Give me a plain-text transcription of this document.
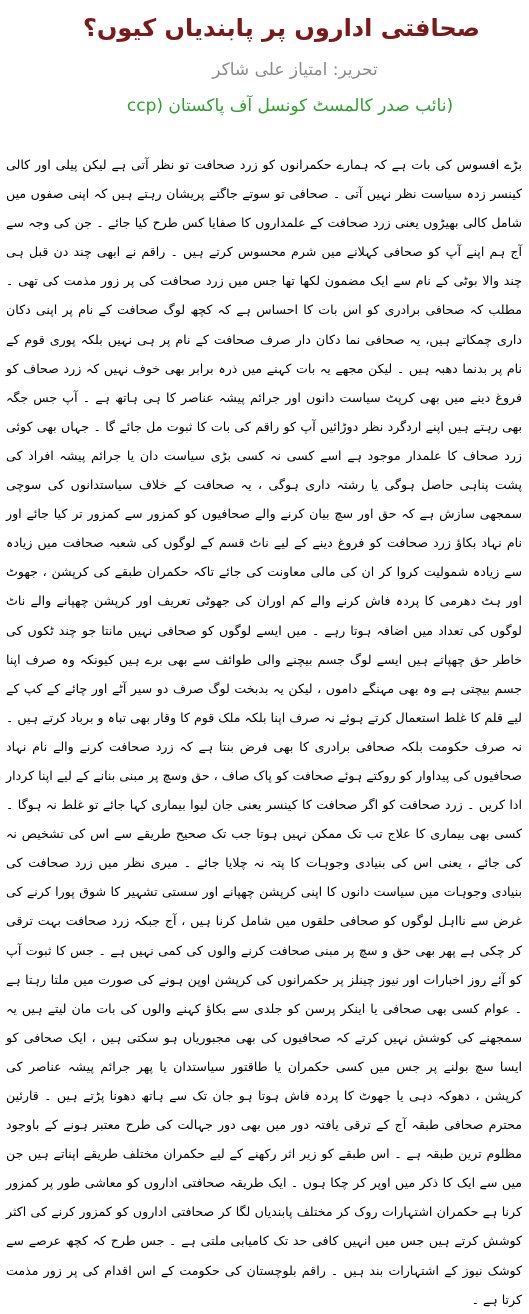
صحافتی اداروں پر پابندیاں کیوں؟
تحریر: امتیاز علی شاکر
(نائب صدر کالمسٹ کونسل آف پاکستان (ccp

بڑے افسوس کی بات ہے کہ ہمارے حکمرانوں کو زرد صحافت تو نظر آتی ہے لیکن پیلی اور کالی کینسر زدہ سیاست نظر نہیں آتی ۔ صحافی تو سوتے جاگتے پریشان رہتے ہیں کہ اپنی صفوں میں شامل کالی بھیڑوں یعنی زرد صحافت کے علمداروں کا صفایا کس طرح کیا جائے ۔ جن کی وجہ سے آج ہم اپنے آپ کو صحافی کہلانے میں شرم محسوس کرتے ہیں ۔ راقم نے ابھی چند دن قبل ہی چند والا بوٹی کے نام سے ایک مضمون لکھا تھا جس میں زرد صحافت کی پر زور مذمت کی تھی ۔ مطلب کہ صحافی برادری کو اس بات کا احساس ہے کہ کچھ لوگ صحافت کے نام پر اپنی دکان داری چمکاتے ہیں، یہ صحافی نما دکان دار صرف صحافت کے نام پر ہی نہیں بلکہ پوری قوم کے نام پر بدنما دھبہ ہیں ۔ لیکن مجھے یہ بات کہنے میں ذرہ برابر بھی خوف نہیں کہ زرد صحاف کو فروغ دینے میں بھی کرپٹ سیاست دانوں اور جرائم پیشہ عناصر کا ہی ہاتھ ہے ۔ آپ جس جگہ بھی رہتے ہیں اپنے اردگرد نظر دوڑائیں آپ کو راقم کی بات کا ثبوت مل جائے گا ۔ جہاں بھی کوئی زرد صحاف کا علمدار موجود ہے اسے کسی نہ کسی بڑی سیاست دان یا جرائم پیشہ افراد کی پشت پناہی حاصل ہوگی یا رشتہ داری ہوگی ، یہ صحافت کے خلاف سیاستدانوں کی سوچی سمجھی سازش ہے کہ حق اور سچ بیان کرنے والے صحافیوں کو کمزور سے کمزور تر کیا جائے اور نام نہاد بکاؤ زرد صحافت کو فروغ دینے کے لیے ناٹ قسم کے لوگوں کی شعبہ صحافت میں زیادہ سے زیادہ شمولیت کروا کر ان کی مالی معاونت کی جائے تاکہ حکمران طبقے کی کرپشن ، جھوٹ اور ہٹ دھرمی کا پردہ فاش کرنے والے کم اوران کی جھوٹی تعریف اور کرپشن چھپانے والے ناٹ لوگوں کی تعداد میں اضافہ ہوتا رہے ۔ میں ایسے لوگوں کو صحافی نہیں مانتا جو چند ٹکوں کی خاطر حق چھپاتے ہیں ایسے لوگ جسم بیچنے والی طوائف سے بھی برے ہیں کیونکہ وہ صرف اپنا جسم بیچتی ہے وہ بھی مہنگے داموں ، لیکن یہ بدبخت لوگ صرف دو سیر آٹے اور چائے کے کپ کے لیے قلم کا غلط استعمال کرتے ہوئے نہ صرف اپنا بلکہ ملک قوم کا وقار بھی تباہ و برباد کرتے ہیں ۔ نہ صرف حکومت بلکہ صحافی برادری کا بھی فرض بنتا ہے کہ زرد صحافت کرنے والے نام نہاد صحافیوں کی پیداوار کو روکتے ہوئے صحافت کو پاک صاف ، حق وسچ پر مبنی بنانے کے لیے اپنا کردار ادا کریں ۔ زرد صحافت کو اگر صحافت کا کینسر یعنی جان لیوا بیماری کہا جائے تو غلط نہ ہوگا ۔ کسی بھی بیماری کا علاج تب تک ممکن نہیں ہوتا جب تک صحیح طریقے سے اس کی تشخیص نہ کی جائے ، یعنی اس کی بنیادی وجوہات کا پتہ نہ چلایا جائے ۔ میری نظر میں زرد صحافت کی بنیادی وجوہات میں سیاست دانوں کا اپنی کرپشن چھپانے اور سستی تشہیر کا شوق پورا کرنے کی غرض سے نااہل لوگوں کو صحافی حلقوں میں شامل کرنا ہیں ، آج جبکہ زرد صحافت بہت ترقی کر چکی ہے پھر بھی حق و سچ پر مبنی صحافت کرنے والوں کی کمی نہیں ہے ۔ جس کا ثبوت آپ کو آئے روز اخبارات اور نیوز چینلز پر حکمرانوں کی کرپشن اوپن ہونے کی صورت میں ملتا رہتا ہے ۔ عوام کسی بھی صحافی یا اینکر پرسن کو جلدی سے بکاؤ کہنے والوں کی بات مان لیتے ہیں یہ سمجھنے کی کوشش نہیں کرتے کہ صحافیوں کی بھی مجبوریاں ہو سکتی ہیں ، ایک صحافی کو ایسا سچ بولنے پر جس میں کسی حکمران یا طاقتور سیاستدان یا پھر جرائم پیشہ عناصر کی کرپشن ، دھوکہ دہی یا جھوٹ کا پردہ فاش ہوتا ہو جان تک سے ہاتھ دھونا پڑتے ہیں ۔ قارئین محترم صحافی طبقہ آج کے ترقی یافتہ دور میں بھی دور جہالت کی طرح معتبر ہونے کے باوجود مظلوم ترین طبقہ ہے ۔ اس طبقے کو زیر اثر رکھنے کے لیے حکمران مختلف طریقے اپناتے ہیں جن میں سے ایک کا ذکر میں اوپر کر چکا ہوں ۔ ایک طریقہ صحافتی اداروں کو معاشی طور پر کمزور کرنا ہے حکمران اشتہارات روک کر مختلف پابندیاں لگا کر صحافتی اداروں کو کمزور کرنے کی اکثر کوشش کرتے ہیں جس میں انہیں کافی حد تک کامیابی ملتی ہے ۔ جس طرح کہ کچھ عرصے سے کوشک نیوز کے اشتہارات بند ہیں ۔ راقم بلوچستان کی حکومت کے اس اقدام کی پر زور مذمت کرتا ہے ۔
